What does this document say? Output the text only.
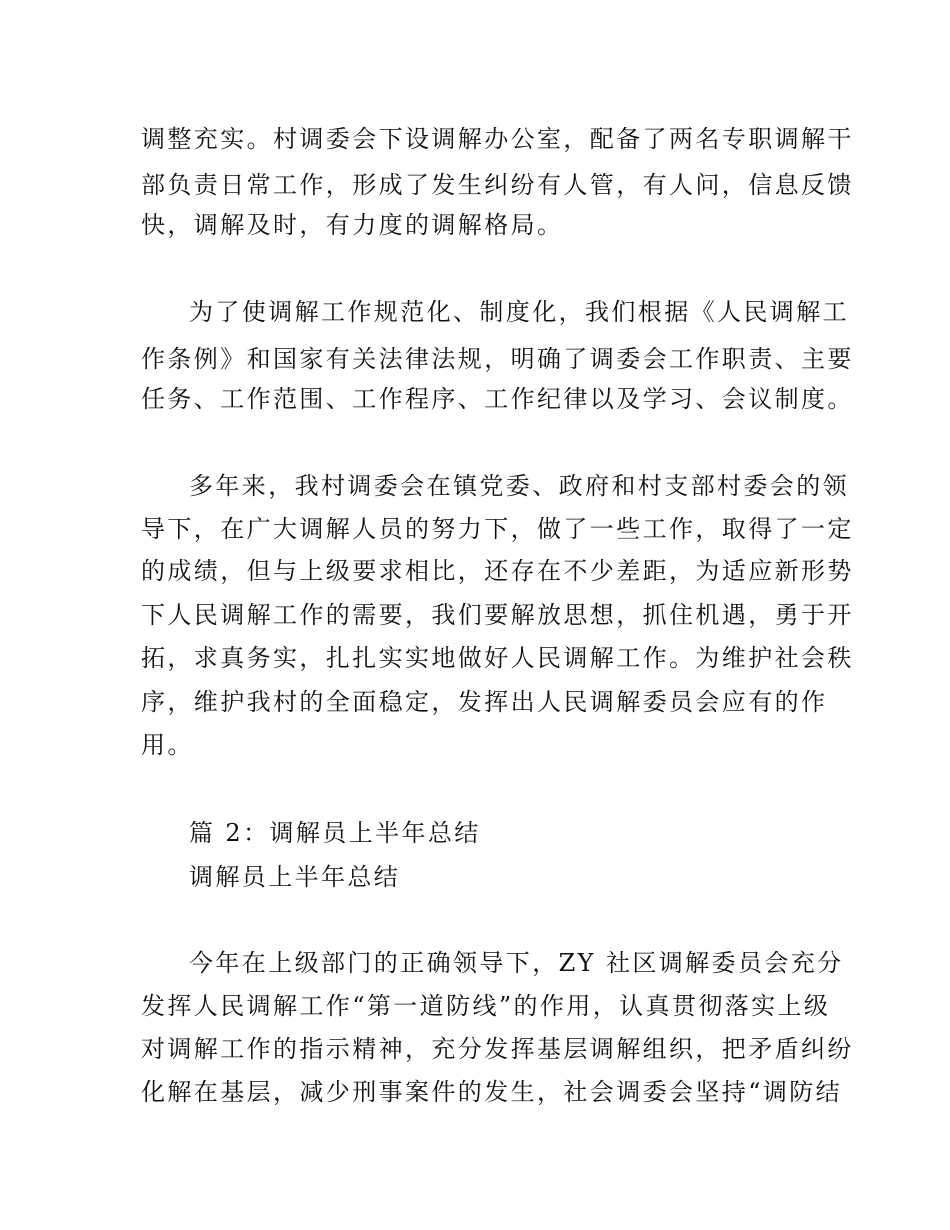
调整充实。村调委会下设调解办公室，配备了两名专职调解干
部负责日常工作，形成了发生纠纷有人管，有人问，信息反馈
快，调解及时，有力度的调解格局。
为了使调解工作规范化、制度化，我们根据《人民调解工
作条例》和国家有关法律法规，明确了调委会工作职责、主要
任务、工作范围、工作程序、工作纪律以及学习、会议制度。
多年来，我村调委会在镇党委、政府和村支部村委会的领
导下，在广大调解人员的努力下，做了一些工作，取得了一定
的成绩，但与上级要求相比，还存在不少差距，为适应新形势
下人民调解工作的需要，我们要解放思想，抓住机遇，勇于开
拓，求真务实，扎扎实实地做好人民调解工作。为维护社会秩
序，维护我村的全面稳定，发挥出人民调解委员会应有的作
用。
篇 2：调解员上半年总结
调解员上半年总结
今年在上级部门的正确领导下，ZY 社区调解委员会充分
发挥人民调解工作“第一道防线”的作用，认真贯彻落实上级
对调解工作的指示精神，充分发挥基层调解组织，把矛盾纠纷
化解在基层，减少刑事案件的发生，社会调委会坚持“调防结
